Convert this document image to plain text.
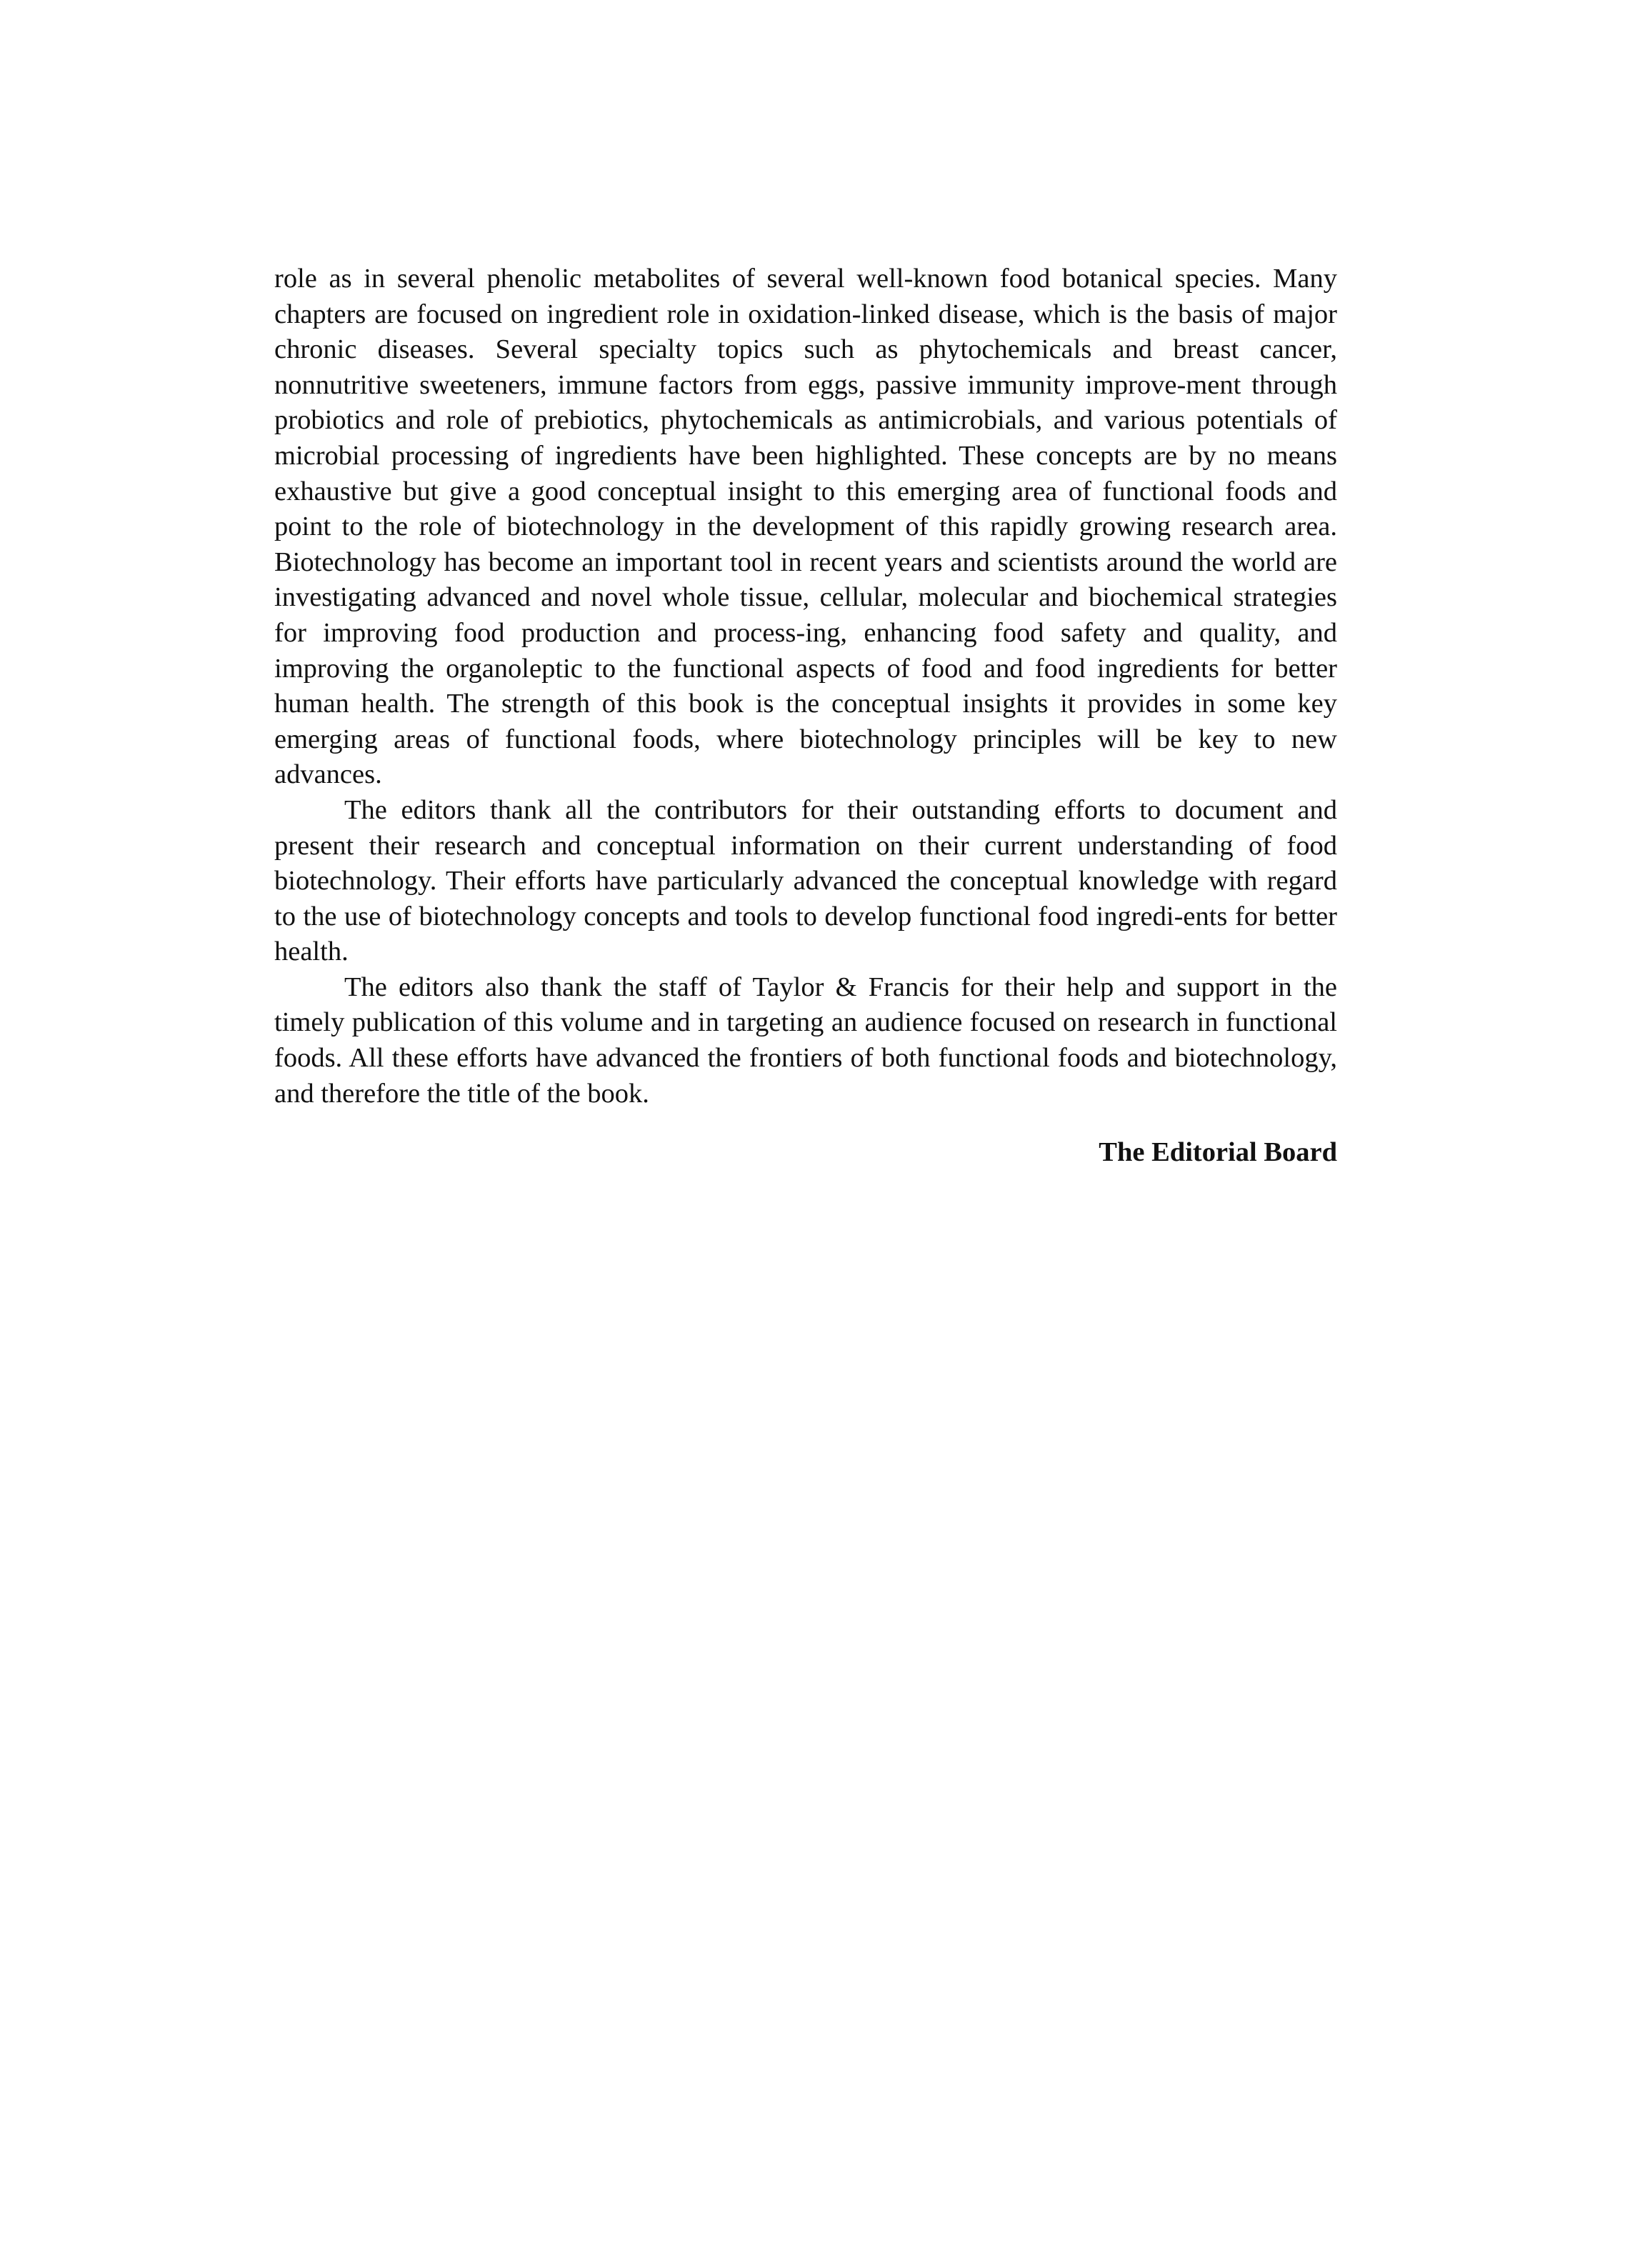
role as in several phenolic metabolites of several well-known food botanical species. Many chapters are focused on ingredient role in oxidation-linked disease, which is the basis of major chronic diseases. Several specialty topics such as phytochemicals and breast cancer, nonnutritive sweeteners, immune factors from eggs, passive immunity improve-ment through probiotics and role of prebiotics, phytochemicals as antimicrobials, and various potentials of microbial processing of ingredients have been highlighted. These concepts are by no means exhaustive but give a good conceptual insight to this emerging area of functional foods and point to the role of biotechnology in the development of this rapidly growing research area. Biotechnology has become an important tool in recent years and scientists around the world are investigating advanced and novel whole tissue, cellular, molecular and biochemical strategies for improving food production and process-ing, enhancing food safety and quality, and improving the organoleptic to the functional aspects of food and food ingredients for better human health. The strength of this book is the conceptual insights it provides in some key emerging areas of functional foods, where biotechnology principles will be key to new advances.

The editors thank all the contributors for their outstanding efforts to document and present their research and conceptual information on their current understanding of food biotechnology. Their efforts have particularly advanced the conceptual knowledge with regard to the use of biotechnology concepts and tools to develop functional food ingredi-ents for better health.

The editors also thank the staff of Taylor & Francis for their help and support in the timely publication of this volume and in targeting an audience focused on research in functional foods. All these efforts have advanced the frontiers of both functional foods and biotechnology, and therefore the title of the book.

The Editorial Board
